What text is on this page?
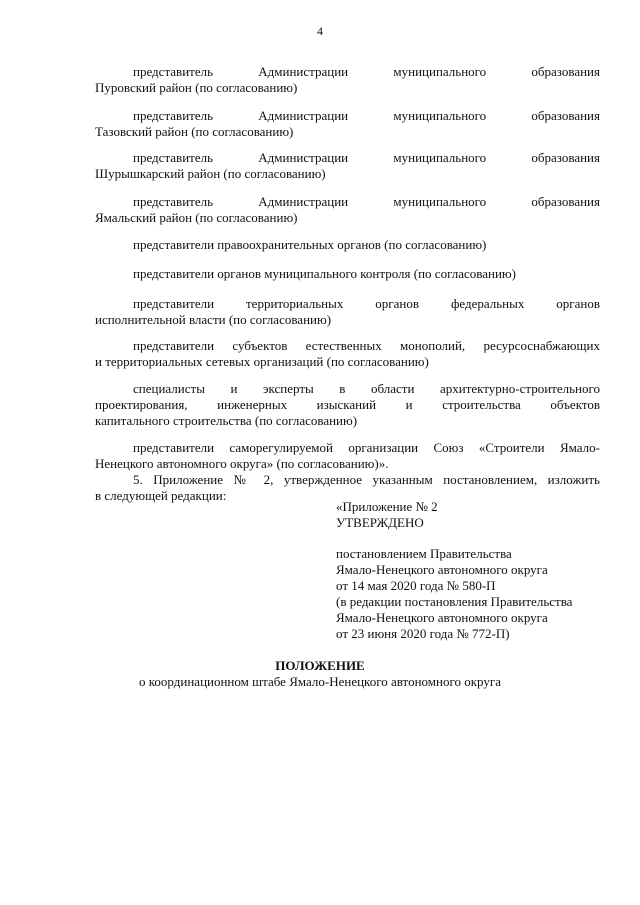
4
представитель Администрации муниципального образования
Пуровский район (по согласованию)
представитель Администрации муниципального образования
Тазовский район (по согласованию)
представитель Администрации муниципального образования
Шурышкарский район (по согласованию)
представитель Администрации муниципального образования
Ямальский район (по согласованию)
представители правоохранительных органов (по согласованию)
представители органов муниципального контроля (по согласованию)
представители территориальных органов федеральных органов
исполнительной власти (по согласованию)
представители субъектов естественных монополий, ресурсоснабжающих
и территориальных сетевых организаций (по согласованию)
специалисты и эксперты в области архитектурно-строительного
проектирования, инженерных изысканий и строительства объектов
капитального строительства (по согласованию)
представители саморегулируемой организации Союз «Строители Ямало-
Ненецкого автономного округа» (по согласованию)».
5. Приложение № 2, утвержденное указанным постановлением, изложить
в следующей редакции:
«Приложение № 2
УТВЕРЖДЕНО
постановлением Правительства
Ямало-Ненецкого автономного округа
от 14 мая 2020 года № 580-П
(в редакции постановления Правительства
Ямало-Ненецкого автономного округа
от 23 июня 2020 года № 772-П)
ПОЛОЖЕНИЕ
о координационном штабе Ямало-Ненецкого автономного округа
